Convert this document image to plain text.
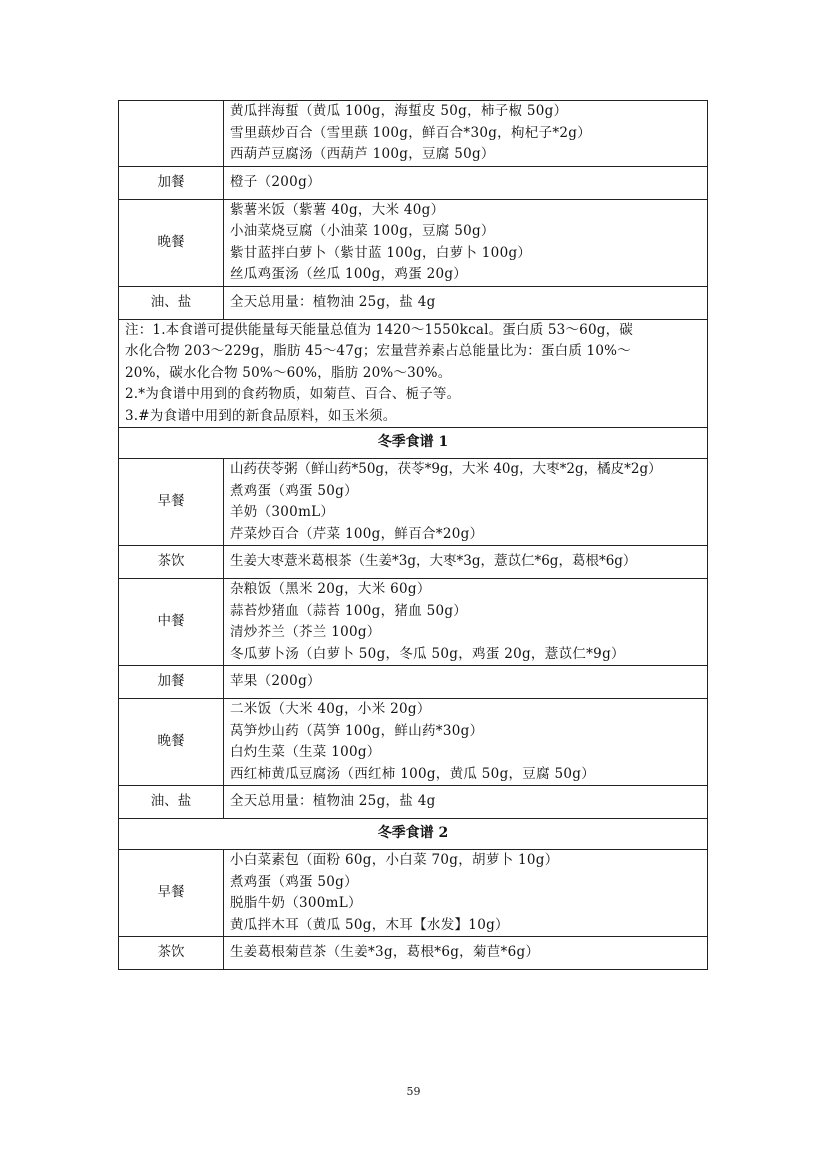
	黄瓜拌海蜇（黄瓜 100g，海蜇皮 50g，柿子椒 50g）
雪里蕻炒百合（雪里蕻 100g，鲜百合*30g，枸杞子*2g）
西葫芦豆腐汤（西葫芦 100g，豆腐 50g）

加餐	橙子（200g）

晚餐	紫薯米饭（紫薯 40g，大米 40g）
小油菜烧豆腐（小油菜 100g，豆腐 50g）
紫甘蓝拌白萝卜（紫甘蓝 100g，白萝卜 100g）
丝瓜鸡蛋汤（丝瓜 100g，鸡蛋 20g）

油、盐	全天总用量：植物油 25g，盐 4g

注：1.本食谱可提供能量每天能量总值为 1420～1550kcal。蛋白质 53～60g，碳
水化合物 203～229g，脂肪 45～47g；宏量营养素占总能量比为：蛋白质 10%～
20%，碳水化合物 50%～60%，脂肪 20%～30%。
2.*为食谱中用到的食药物质，如菊苣、百合、栀子等。
3.#为食谱中用到的新食品原料，如玉米须。	

冬季食谱 1	
早餐	山药茯苓粥（鲜山药*50g，茯苓*9g，大米 40g，大枣*2g，橘皮*2g）
煮鸡蛋（鸡蛋 50g）
羊奶（300mL）
芹菜炒百合（芹菜 100g，鲜百合*20g）

茶饮	生姜大枣薏米葛根茶（生姜*3g，大枣*3g，薏苡仁*6g，葛根*6g）

中餐	杂粮饭（黑米 20g，大米 60g）
蒜苔炒猪血（蒜苔 100g，猪血 50g）
清炒芥兰（芥兰 100g）
冬瓜萝卜汤（白萝卜 50g，冬瓜 50g，鸡蛋 20g，薏苡仁*9g）

加餐	苹果（200g）

晚餐	二米饭（大米 40g，小米 20g）
莴笋炒山药（莴笋 100g，鲜山药*30g）
白灼生菜（生菜 100g）
西红柿黄瓜豆腐汤（西红柿 100g，黄瓜 50g，豆腐 50g）

油、盐	全天总用量：植物油 25g，盐 4g

冬季食谱 2	
早餐	小白菜素包（面粉 60g，小白菜 70g，胡萝卜 10g）
煮鸡蛋（鸡蛋 50g）
脱脂牛奶（300mL）
黄瓜拌木耳（黄瓜 50g，木耳【水发】10g）

茶饮	生姜葛根菊苣茶（生姜*3g，葛根*6g，菊苣*6g）
59
